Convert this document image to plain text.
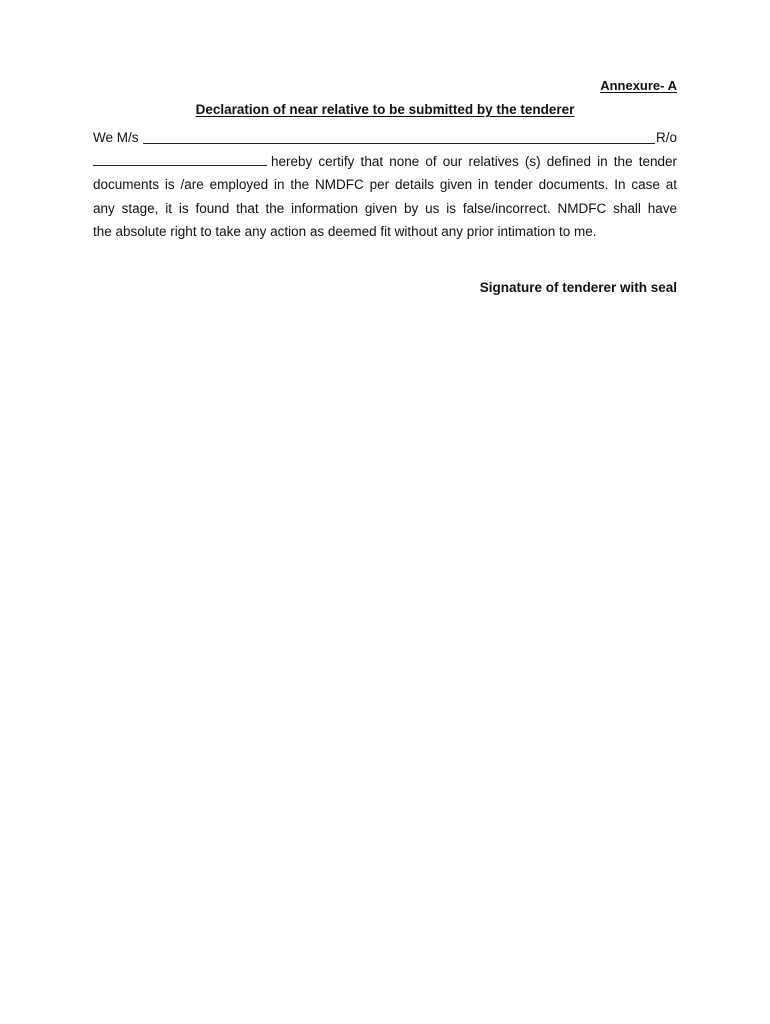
Annexure- A
Declaration of near relative to be submitted by the tenderer
We M/s	R/o
hereby certify that none of our relatives (s) defined in the tender
documents is /are employed in the NMDFC per details given in tender documents. In case at
any stage, it is found that the information given by us is false/incorrect. NMDFC shall have
the absolute right to take any action as deemed fit without any prior intimation to me.
Signature of tenderer with seal
